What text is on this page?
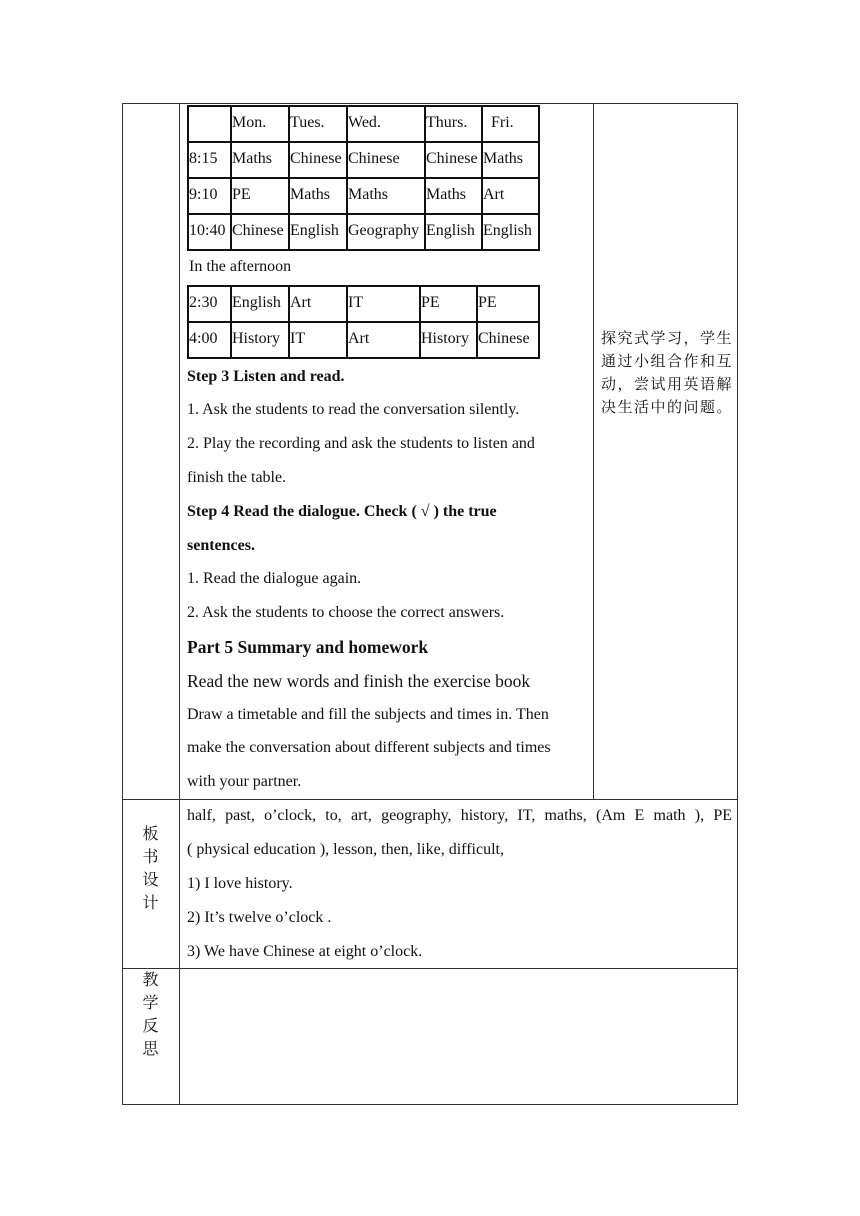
Mon. Tues. Wed.	Thurs. Fri.
8:15 Maths Chinese Chinese Chinese Maths
9:10 PE Maths Maths Maths Art
10:40 Chinese English Geography English English
In the afternoon
2:30 English Art IT	PE PE
4:00 History IT	Art	History Chinese
Step 3 Listen and read.
1. Ask the students to read the conversation silently.
2. Play the recording and ask the students to listen and
finish the table.
Step 4 Read the dialogue. Check ( √ ) the true
sentences.
1. Read the dialogue again.
2. Ask the students to choose the correct answers.
Part 5 Summary and homework
Read the new words and finish the exercise book
Draw a timetable and fill the subjects and times in. Then
make the conversation about different subjects and times
with your partner.
探究式学习，学生通过小组合作和互动，尝试用英语解决生活中的问题。
板
书
设
计
half, past, o’clock, to, art, geography, history, IT, maths, (Am E math ), PE
( physical education ), lesson, then, like, difficult,
1) I love history.
2) It’s twelve o’clock .
3) We have Chinese at eight o’clock.
教
学
反
思
